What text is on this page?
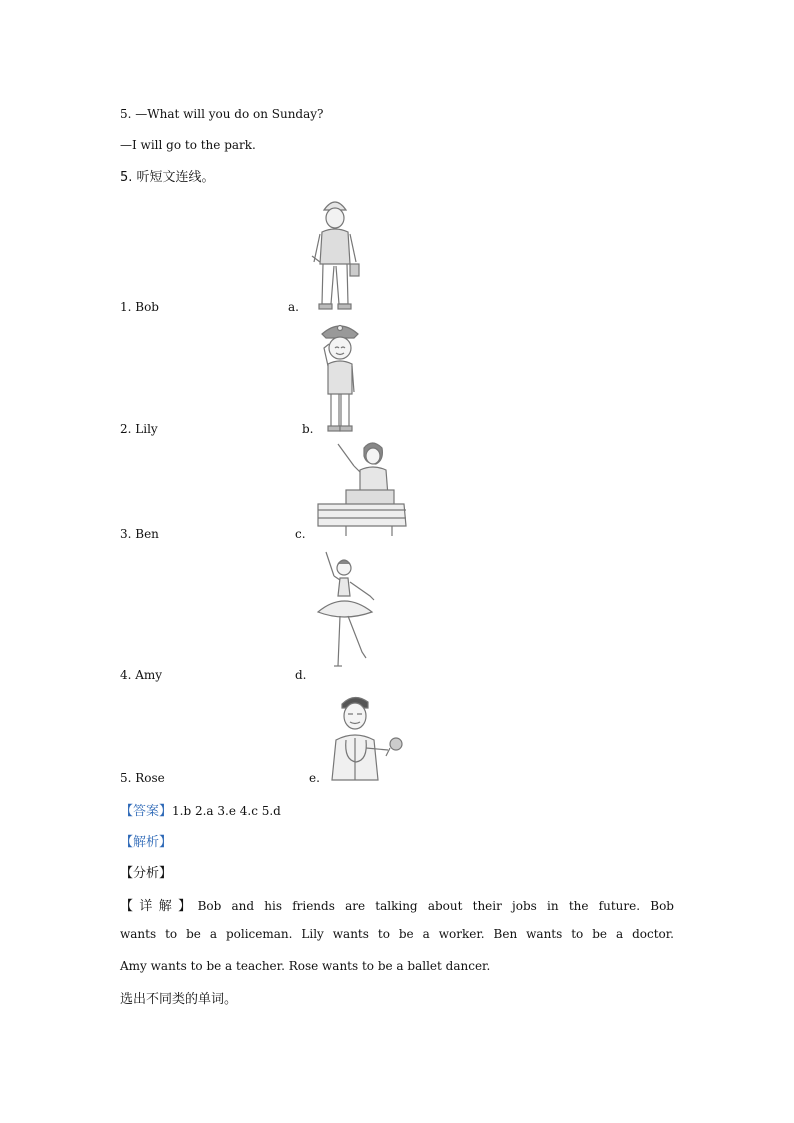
5. —What will you do on Sunday?
—I will go to the park.
5. 听短文连线。
1. Bob	a.
2. Lily	b.
3. Ben	c.
4. Amy	d.
5. Rose	e.
【答案】1.b 2.a 3.e 4.c 5.d
【解析】
【分析】
【详解】Bob and his friends are talking about their jobs in the future. Bob
wants to be a policeman. Lily wants to be a worker. Ben wants to be a doctor.
Amy wants to be a teacher. Rose wants to be a ballet dancer.
选出不同类的单词。
